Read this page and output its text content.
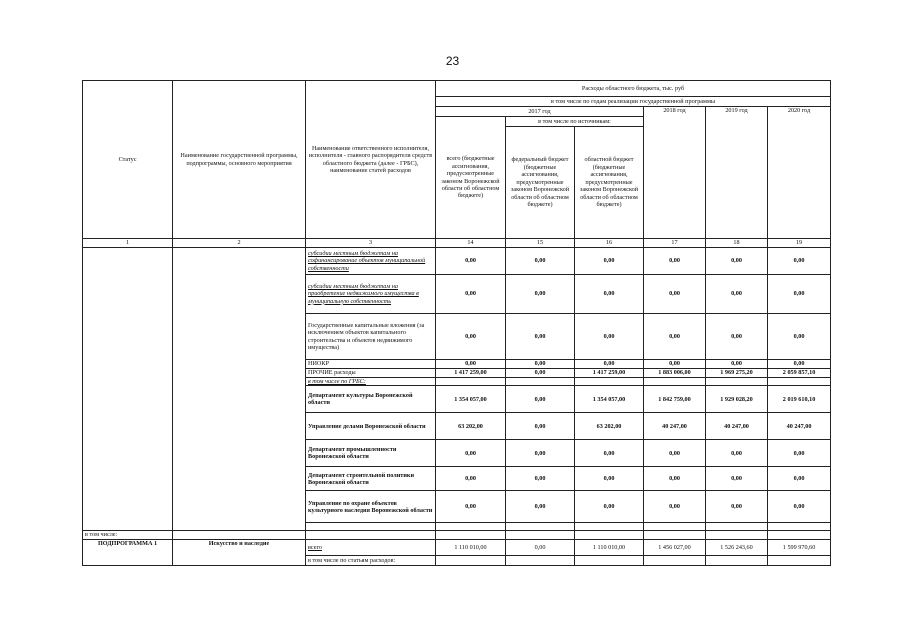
23
Статус	Наименование государственной программы, подпрограммы, основного мероприятия	Наименование ответственного исполнителя, исполнителя - главного распорядителя средств областного бюджета (далее - ГРБС), наименование статей расходов	Расходы областного бюджета, тыс. руб					
			в том числе по годам реализации государственной программы					
			2017 год			2018 год	2019 год	2020 год
			всего (бюджетные ассигнования, предусмотренные законом Воронежской области об областном бюджете)	в том числе по источникам:				
				федеральный бюджет (бюджетные ассигнования, предусмотренные законом Воронежской области об областном бюджете)	областной бюджет (бюджетные ассигнования, предусмотренные законом Воронежской области об областном бюджете)			
1	2	3	14	15	16	17	18	19
		субсидии местным бюджетам на софинансирование объектов муниципальной собственности	0,00	0,00	0,00	0,00	0,00	0,00
		субсидии местным бюджетам на приобретение недвижимого имущества в муниципальную собственность	0,00	0,00	0,00	0,00	0,00	0,00
		Государственные капитальные вложения (за исключением объектов капитального строительства и объектов недвижимого имущества)	0,00	0,00	0,00	0,00	0,00	0,00
		НИОКР	0,00	0,00	0,00	0,00	0,00	0,00
		ПРОЧИЕ расходы	1 417 259,00	0,00	1 417 259,00	1 883 006,00	1 969 275,20	2 059 857,10
		в том числе по ГРБС:						
		Департамент культуры Воронежской области	1 354 057,00	0,00	1 354 057,00	1 842 759,00	1 929 028,20	2 019 610,10
		Управление делами Воронежской области	63 202,00	0,00	63 202,00	40 247,00	40 247,00	40 247,00
		Департамент промышленности Воронежской области	0,00	0,00	0,00	0,00	0,00	0,00
		Департамент строительной политики Воронежской области	0,00	0,00	0,00	0,00	0,00	0,00
		Управление по охране объектов культурного наследия Воронежской области	0,00	0,00	0,00	0,00	0,00	0,00

в том числе:								
ПОДПРОГРАММА 1	Искусство и наследие	всего	1 110 010,00	0,00	1 110 010,00	1 456 027,00	1 526 243,60	1 599 970,60
		в том числе по статьям расходов:						
